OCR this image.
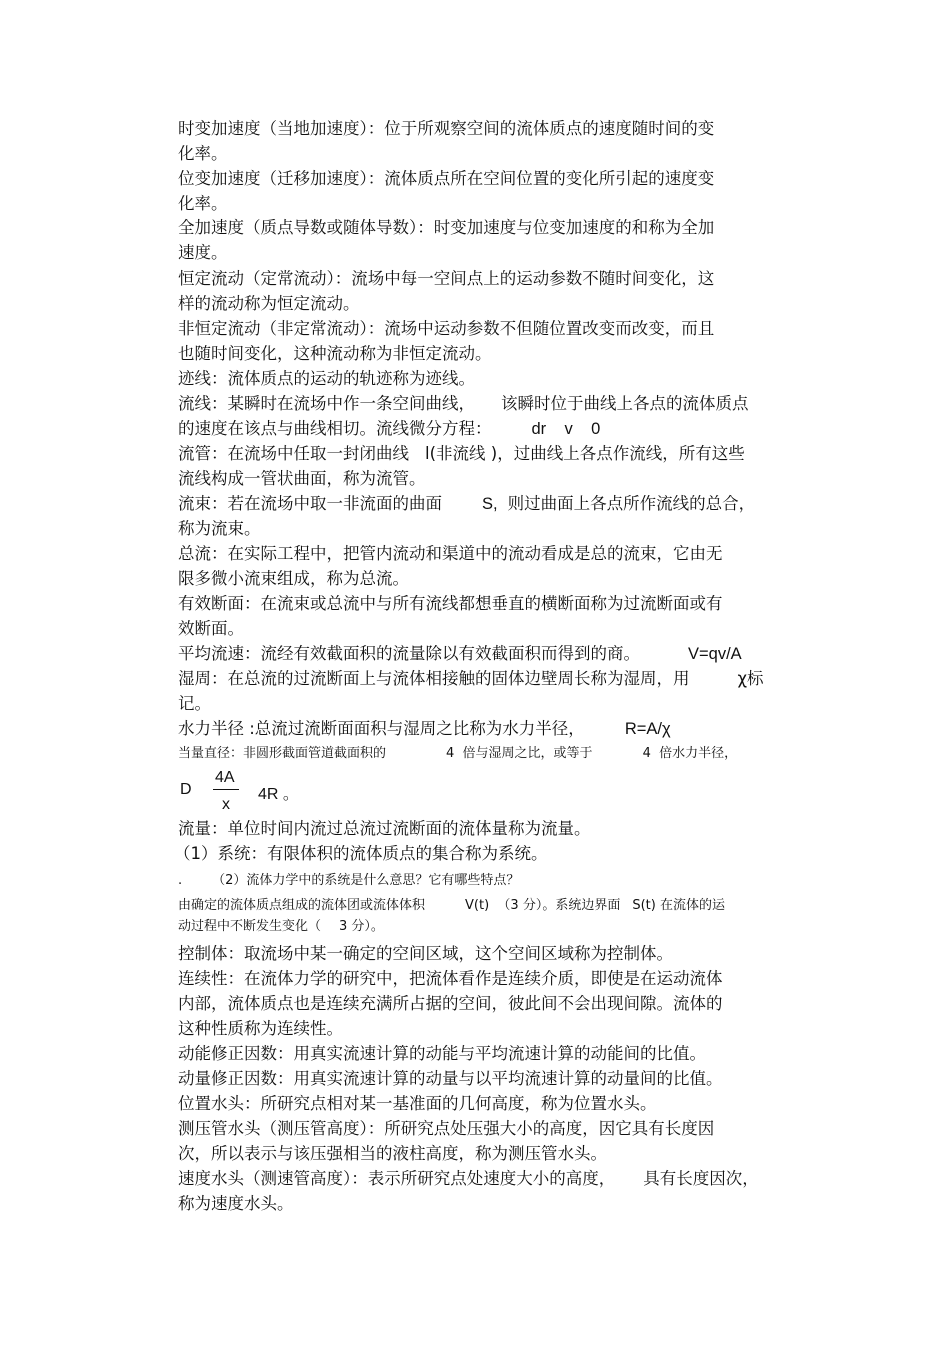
时变加速度（当地加速度）：位于所观察空间的流体质点的速度随时间的变

化率。

位变加速度（迁移加速度）：流体质点所在空间位置的变化所引起的速度变

化率。

全加速度（质点导数或随体导数）：时变加速度与位变加速度的和称为全加

速度。

恒定流动（定常流动）：流场中每一空间点上的运动参数不随时间变化，这

样的流动称为恒定流动。

非恒定流动（非定常流动）：流场中运动参数不但随位置改变而改变，而且

也随时间变化，这种流动称为非恒定流动。

迹线：流体质点的运动的轨迹称为迹线。

流线：某瞬时在流场中作一条空间曲线， 该瞬时位于曲线上各点的流体质点

的速度在该点与曲线相切。流线微分方程： dr    v    0

流管：在流场中任取一封闭曲线 l(非流线 )，过曲线上各点作流线，所有这些

流线构成一管状曲面，称为流管。

流束：若在流场中取一非流面的曲面 S, 则过曲面上各点所作流线的总合，

称为流束。

总流：在实际工程中，把管内流动和渠道中的流动看成是总的流束，它由无

限多微小流束组成，称为总流。

有效断面：在流束或总流中与所有流线都想垂直的横断面称为过流断面或有

效断面。

平均流速：流经有效截面积的流量除以有效截面积而得到的商。	V=qv/A

湿周：在总流的过流断面上与流体相接触的固体边壁周长称为湿周，用	χ标

记。

水力半径 :总流过流断面面积与湿周之比称为水力半径， R=A/χ

当量直径：非圆形截面管道截面积的	4  倍与湿周之比，或等于	4  倍水力半径，

D
4A
x
4R 。

流量：单位时间内流过总流过流断面的流体量称为流量。

（1）系统：有限体积的流体质点的集合称为系统。

. （2）流体力学中的系统是什么意思？它有哪些特点？

由确定的流体质点组成的流体团或流体体积	V(t)  （3 分）。系统边界面 S(t) 在流体的运

动过程中不断发生变化（ 3 分）。

控制体：取流场中某一确定的空间区域，这个空间区域称为控制体。

连续性：在流体力学的研究中，把流体看作是连续介质，即使是在运动流体

内部，流体质点也是连续充满所占据的空间，彼此间不会出现间隙。流体的

这种性质称为连续性。

动能修正因数：用真实流速计算的动能与平均流速计算的动能间的比值。

动量修正因数：用真实流速计算的动量与以平均流速计算的动量间的比值。

位置水头：所研究点相对某一基准面的几何高度，称为位置水头。

测压管水头（测压管高度）：所研究点处压强大小的高度，因它具有长度因

次，所以表示与该压强相当的液柱高度，称为测压管水头。

速度水头（测速管高度）：表示所研究点处速度大小的高度， 具有长度因次，

称为速度水头。
